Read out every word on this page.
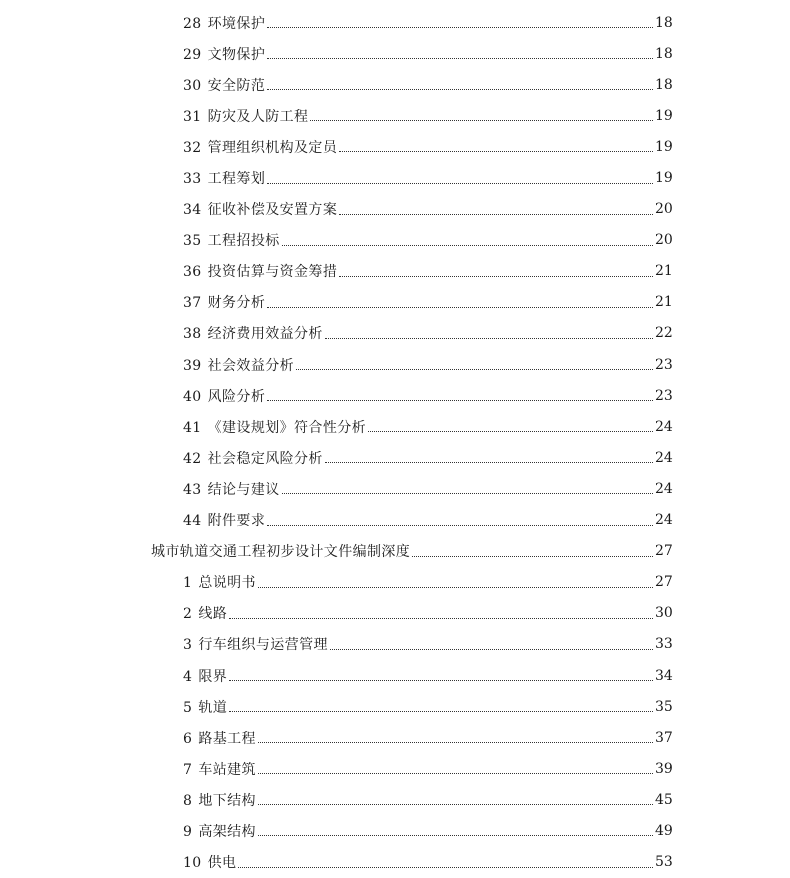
28 环境保护	18
29 文物保护	18
30 安全防范	18
31 防灾及人防工程	19
32 管理组织机构及定员	19
33 工程筹划	19
34 征收补偿及安置方案	20
35 工程招投标	20
36 投资估算与资金筹措	21
37 财务分析	21
38 经济费用效益分析	22
39 社会效益分析	23
40 风险分析	23
41 《建设规划》符合性分析	24
42 社会稳定风险分析	24
43 结论与建议	24
44 附件要求	24
城市轨道交通工程初步设计文件编制深度	27
1 总说明书	27
2 线路	30
3 行车组织与运营管理	33
4 限界	34
5 轨道	35
6 路基工程	37
7 车站建筑	39
8 地下结构	45
9 高架结构	49
10 供电	53
